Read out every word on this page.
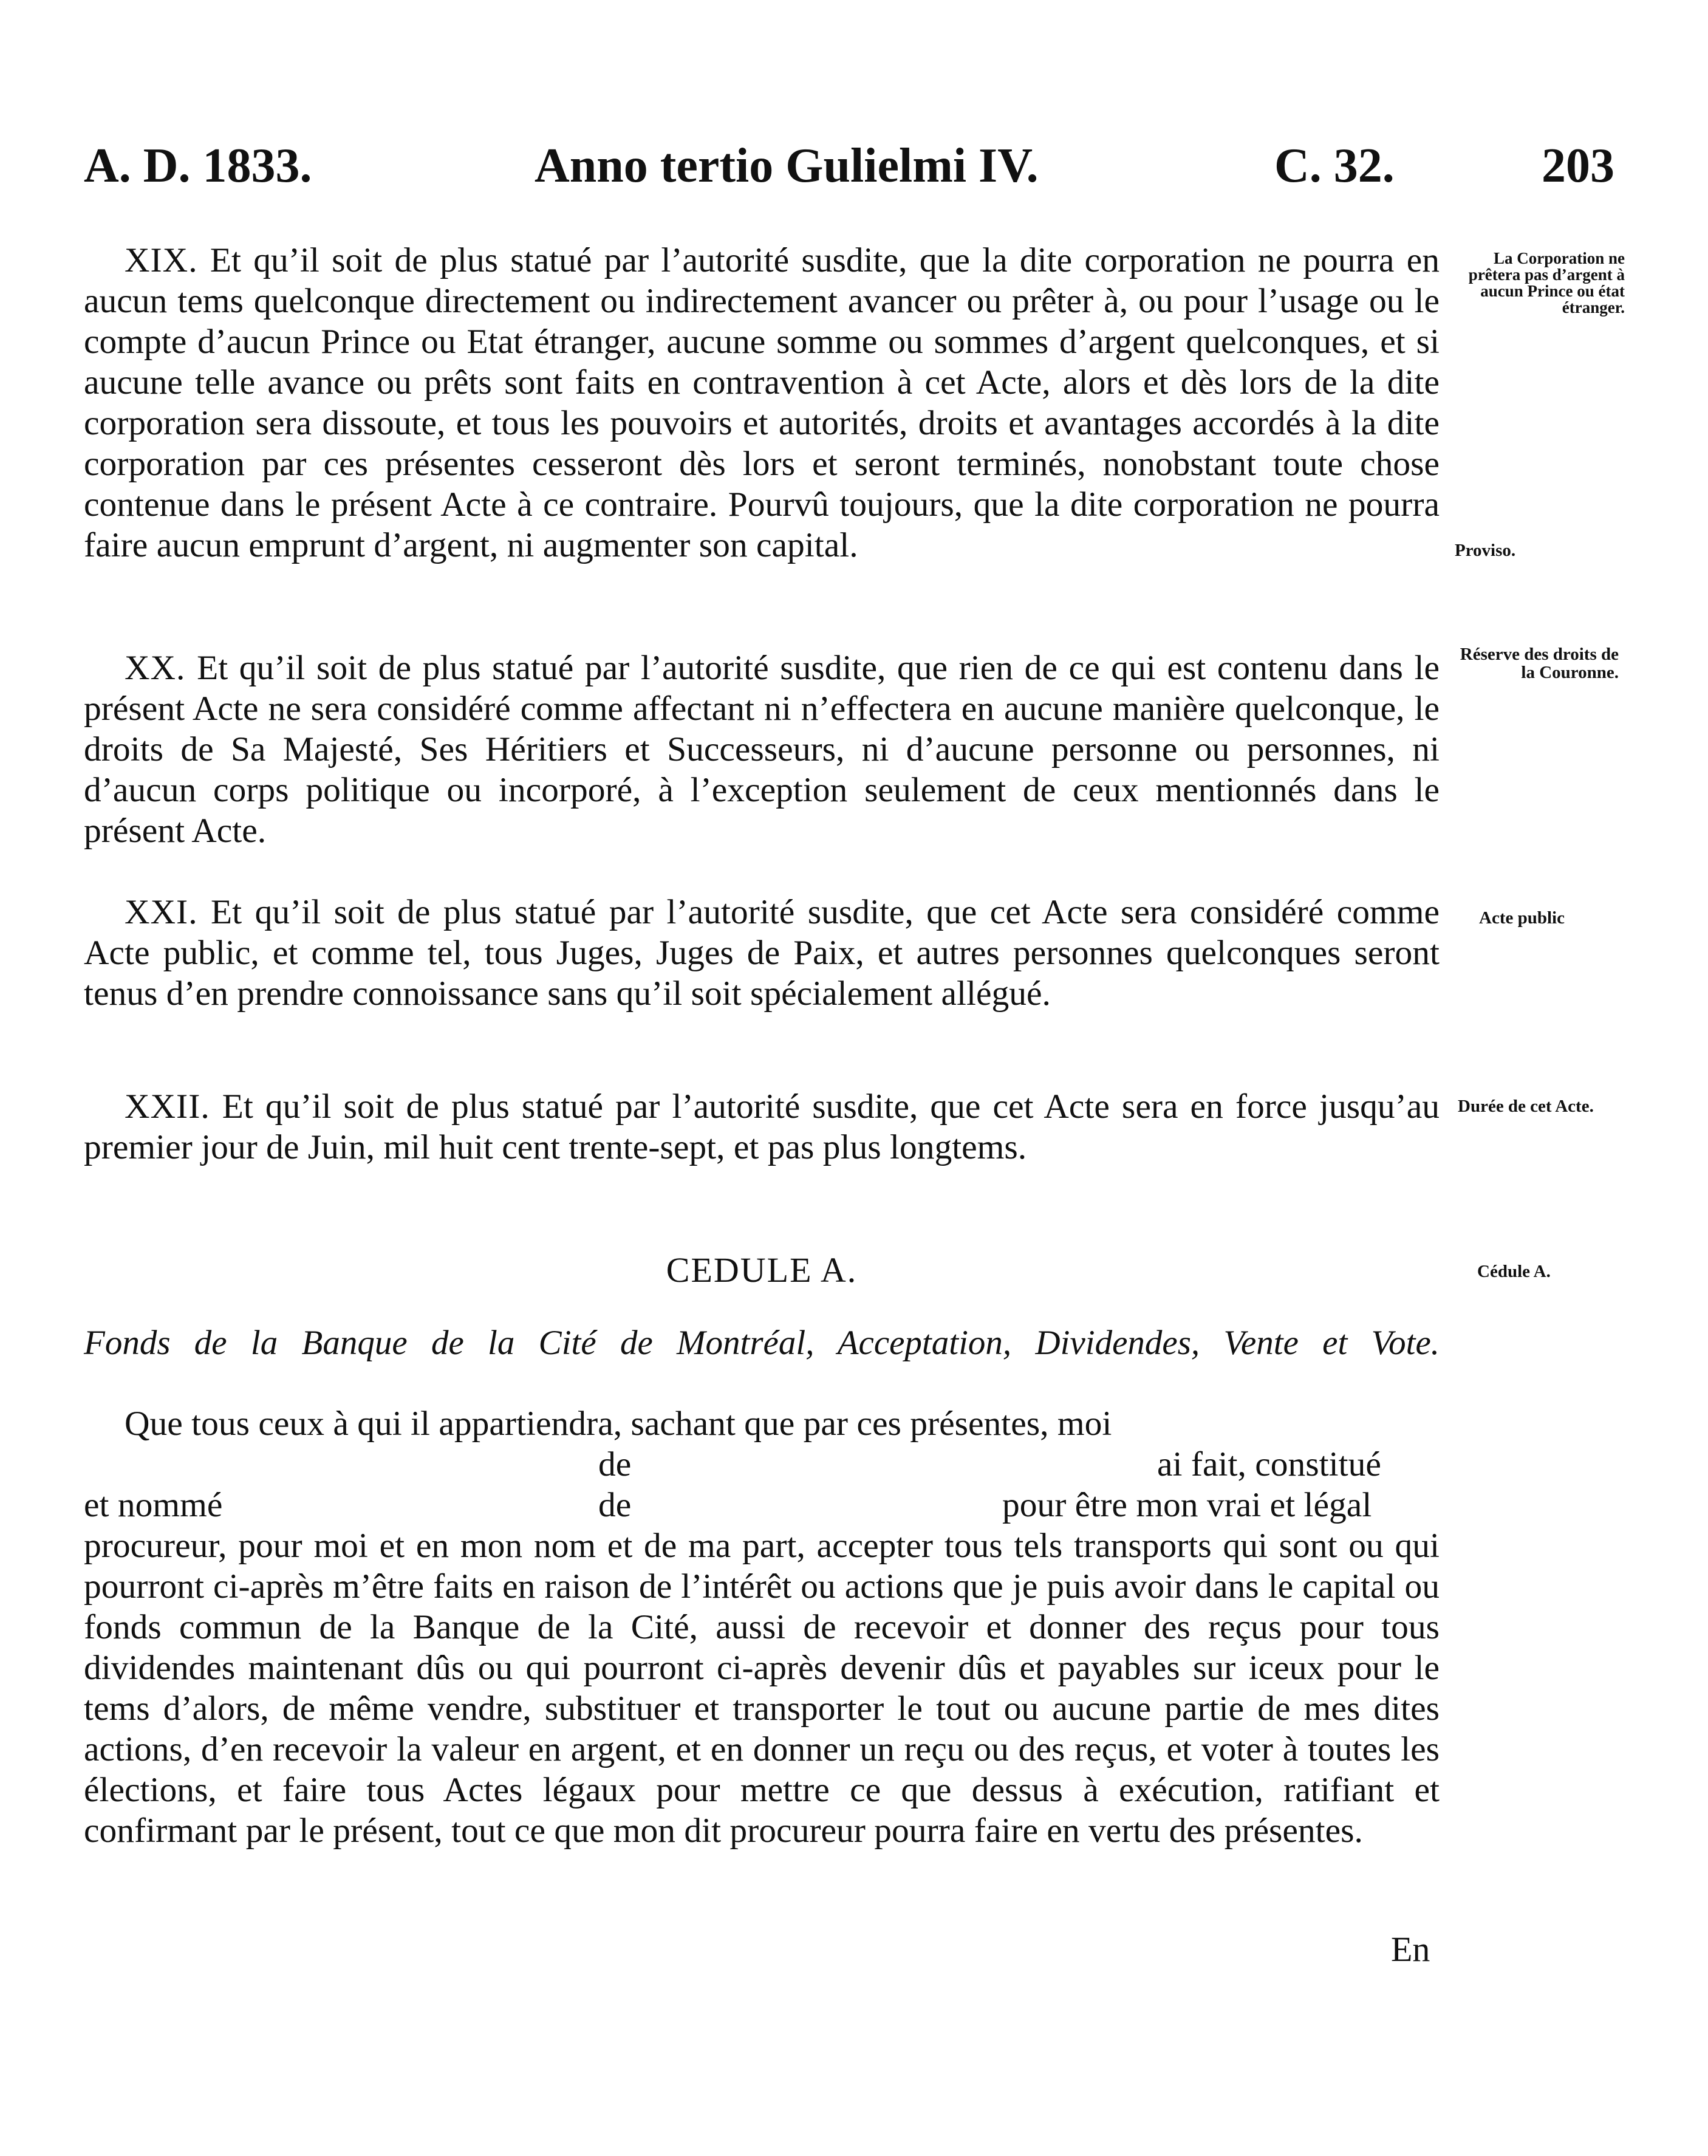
A. D. 1833.	Anno tertio Gulielmi IV.	C. 32.	203

XIX. Et qu’il soit de plus statué par l’autorité susdite, que la dite corporation ne pourra en aucun tems quelconque directement ou indirectement avancer ou prêter à, ou pour l’usage ou le compte d’aucun Prince ou Etat étranger, aucune somme ou sommes d’argent quelconques, et si aucune telle avance ou prêts sont faits en contravention à cet Acte, alors et dès lors de la dite corporation sera dissoute, et tous les pouvoirs et autorités, droits et avantages accordés à la dite corporation par ces présentes cesseront dès lors et seront terminés, nonobstant toute chose contenue dans le présent Acte à ce contraire. Pourvû toujours, que la dite corporation ne pourra faire aucun emprunt d’argent, ni augmenter son capital.

La Corporation ne prêtera pas d’argent à aucun Prince ou état étranger.
Proviso.

XX. Et qu’il soit de plus statué par l’autorité susdite, que rien de ce qui est contenu dans le présent Acte ne sera considéré comme affectant ni n’effectera en aucune manière quelconque, le droits de Sa Majesté, Ses Héritiers et Successeurs, ni d’aucune personne ou personnes, ni d’aucun corps politique ou incorporé, à l’exception seulement de ceux mentionnés dans le présent Acte.

Réserve des droits de la Couronne.

XXI. Et qu’il soit de plus statué par l’autorité susdite, que cet Acte sera considéré comme Acte public, et comme tel, tous Juges, Juges de Paix, et autres personnes quelconques seront tenus d’en prendre connoissance sans qu’il soit spécialement allégué.

Acte public

XXII. Et qu’il soit de plus statué par l’autorité susdite, que cet Acte sera en force jusqu’au premier jour de Juin, mil huit cent trente-sept, et pas plus longtems.

Durée de cet Acte.
CEDULE A.	Cédule A.
Fonds de la Banque de la Cité de Montréal, Acceptation, Dividendes, Vente et Vote.
Que tous ceux à qui il appartiendra, sachant que par ces présentes, moi
de	ai fait, constitué
et nommé	de	pour être mon vrai et légal

procureur, pour moi et en mon nom et de ma part, accepter tous tels transports qui sont ou qui pourront ci-après m’être faits en raison de l’intérêt ou actions que je puis avoir dans le capital ou fonds commun de la Banque de la Cité, aussi de recevoir et donner des reçus pour tous dividendes maintenant dûs ou qui pourront ci-après devenir dûs et payables sur iceux pour le tems d’alors, de même vendre, substituer et transporter le tout ou aucune partie de mes dites actions, d’en recevoir la valeur en argent, et en donner un reçu ou des reçus, et voter à toutes les élections, et faire tous Actes légaux pour mettre ce que dessus à exécution, ratifiant et confirmant par le présent, tout ce que mon dit procureur pourra faire en vertu des présentes.

En
